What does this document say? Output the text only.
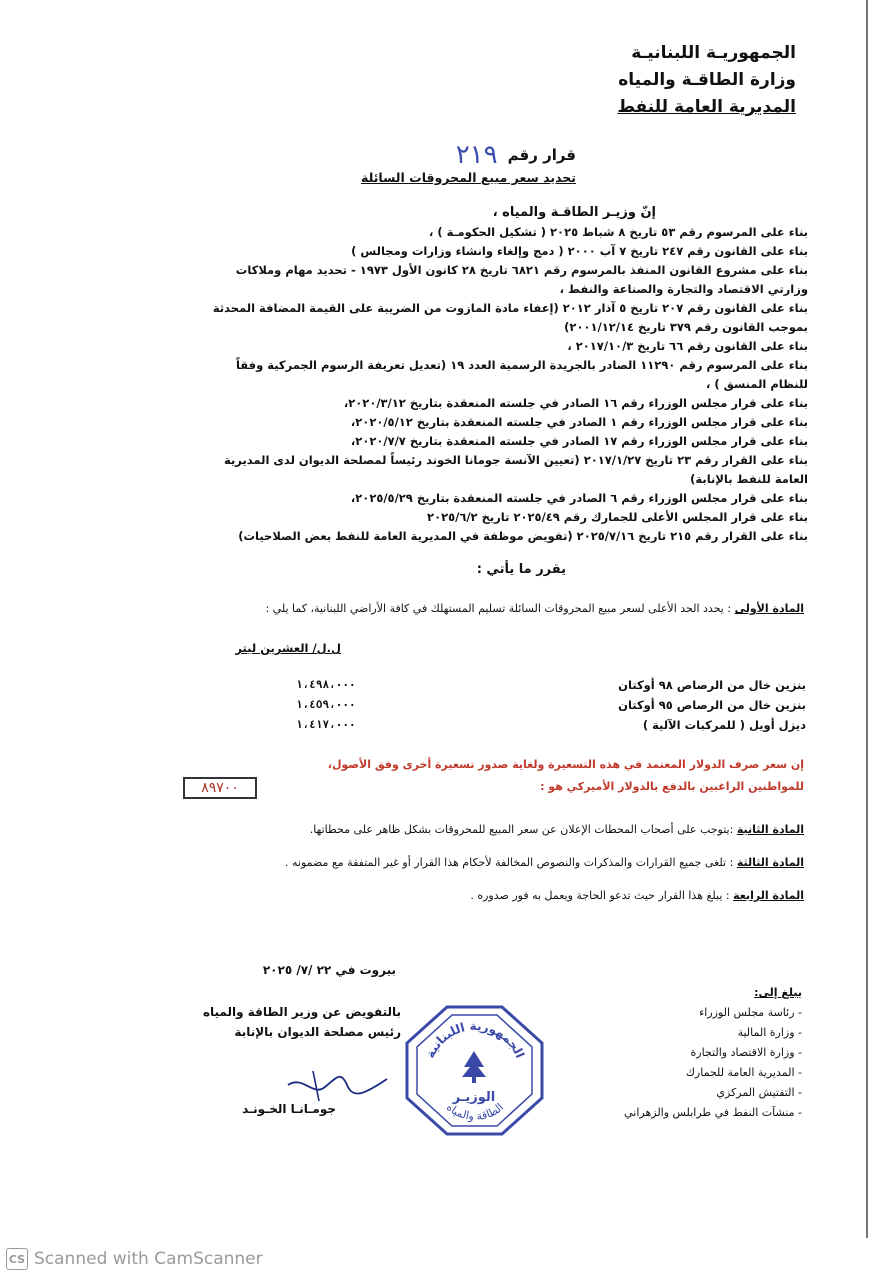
الجمهوريـة اللبنانيـة
وزارة الطاقـة والمياه
المديرية العامة للنفط
قرار رقم
٢١٩
تحديد سعر مبيع المحروقات السائلة
إنّ وزيـر الطاقـة والمياه ،

بناء على المرسوم رقم ٥٣ تاريخ ٨ شباط ٢٠٢٥ ( تشكيل الحكومـة ) ،

بناء على القانون رقم ٢٤٧ تاريخ ٧ آب ٢٠٠٠ ( دمج وإلغاء وانشاء وزارات ومجالس )

بناء على مشروع القانون المنفذ بالمرسوم رقم ٦٨٢١ تاريخ ٢٨ كانون الأول ١٩٧٣ - تحديد مهام وملاكات وزارتي الاقتصاد والتجارة والصناعة والنفط ،

بناء على القانون رقم ٢٠٧ تاريخ ٥ آذار ٢٠١٢ (إعفاء مادة المازوت من الضريبة على القيمة المضافة المحدثة بموجب القانون رقم ٣٧٩ تاريخ ٢٠٠١/١٢/١٤)

بناء على القانون رقم ٦٦ تاريخ ٢٠١٧/١٠/٣ ،

بناء على المرسوم رقم ١١٢٩٠ الصادر بالجريدة الرسمية العدد ١٩ (تعديل تعريفة الرسوم الجمركية وفقاً للنظام المنسق ) ،

بناء على قرار مجلس الوزراء رقم ١٦ الصادر في جلسته المنعقدة بتاريخ ٢٠٢٠/٣/١٢،

بناء على قرار مجلس الوزراء رقم ١ الصادر في جلسته المنعقدة بتاريخ ٢٠٢٠/٥/١٢،

بناء على قرار مجلس الوزراء رقم ١٧ الصادر في جلسته المنعقدة بتاريخ ٢٠٢٠/٧/٧،

بناء على القرار رقم ٢٣ تاريخ ٢٠١٧/١/٢٧ (تعيين الآنسة جومانا الخوند رئيساً لمصلحة الديوان لدى المديرية العامة للنفط بالإنابة)

بناء على قرار مجلس الوزراء رقم ٦ الصادر في جلسته المنعقدة بتاريخ ٢٠٢٥/٥/٢٩،

بناء على قرار المجلس الأعلى للجمارك رقم ٢٠٢٥/٤٩ تاريخ ٢٠٢٥/٦/٢

بناء على القرار رقم ٢١٥ تاريخ ٢٠٢٥/٧/١٦ (تفويض موظفة في المديرية العامة للنفط بعض الصلاحيات)

يقرر ما يأتي :
المادة الأولى : يحدد الحد الأعلى لسعر مبيع المحروقات السائلة تسليم المستهلك في كافة الأراضي اللبنانية، كما يلي :
ل.ل/ العشرين ليتر
بنزين خال من الرصاص ٩٨ أوكتان
١،٤٩٨،٠٠٠
بنزين خال من الرصاص ٩٥ أوكتان
١،٤٥٩،٠٠٠
ديزل أويل ( للمركبات الآلية )
١،٤١٧،٠٠٠
إن سعر صرف الدولار المعتمد في هذه التسعيرة ولغاية صدور تسعيرة أخرى وفق الأصول،
للمواطنين الراغبين بالدفع بالدولار الأميركي هو :
٨٩٧٠٠
المادة الثانية :يتوجب على أصحاب المحطات الإعلان عن سعر المبيع للمحروقات بشكل ظاهر على محطاتها.
المادة الثالثة : تلغى جميع القرارات والمذكرات والنصوص المخالفة لأحكام هذا القرار أو غير المتفقة مع مضمونه .
المادة الرابعة : يبلغ هذا القرار حيث تدعو الحاجة ويعمل به فور صدوره .
بيروت في ٢٢ /٧/ ٢٠٢٥
بالتفويض عن وزير الطاقة والمياه
رئيس مصلحة الديوان بالإنابة
جومـانـا الخـونـد
الجمهورية اللبنانية
الطاقة والمياه
الوزيـر
يبلغ إلى:
- رئاسة مجلس الوزراء
- وزارة المالية
- وزارة الاقتصاد والتجارة
- المديرية العامة للجمارك
- التفتيش المركزي
- منشآت النفط في طرابلس والزهراني
CS Scanned with CamScanner
